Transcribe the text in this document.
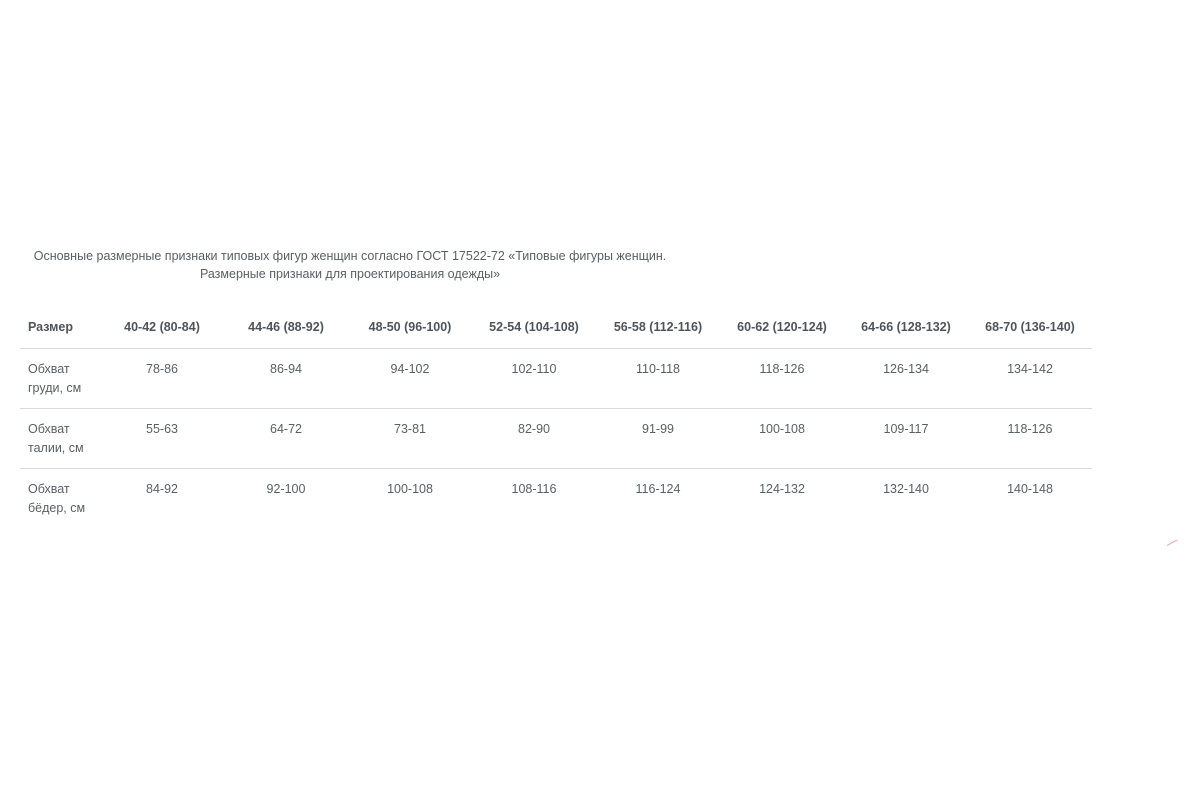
Основные размерные признаки типовых фигур женщин согласно ГОСТ 17522-72 «Типовые фигуры женщин.
Размерные признаки для проектирования одежды»
Размер	40-42 (80-84)	44-46 (88-92)	48-50 (96-100)	52-54 (104-108)	56-58 (112-116)	60-62 (120-124)	64-66 (128-132)	68-70 (136-140)
Обхват груди, см	78-86	86-94	94-102	102-110	110-118	118-126	126-134	134-142
Обхват талии, см	55-63	64-72	73-81	82-90	91-99	100-108	109-117	118-126
Обхват бёдер, см	84-92	92-100	100-108	108-116	116-124	124-132	132-140	140-148
